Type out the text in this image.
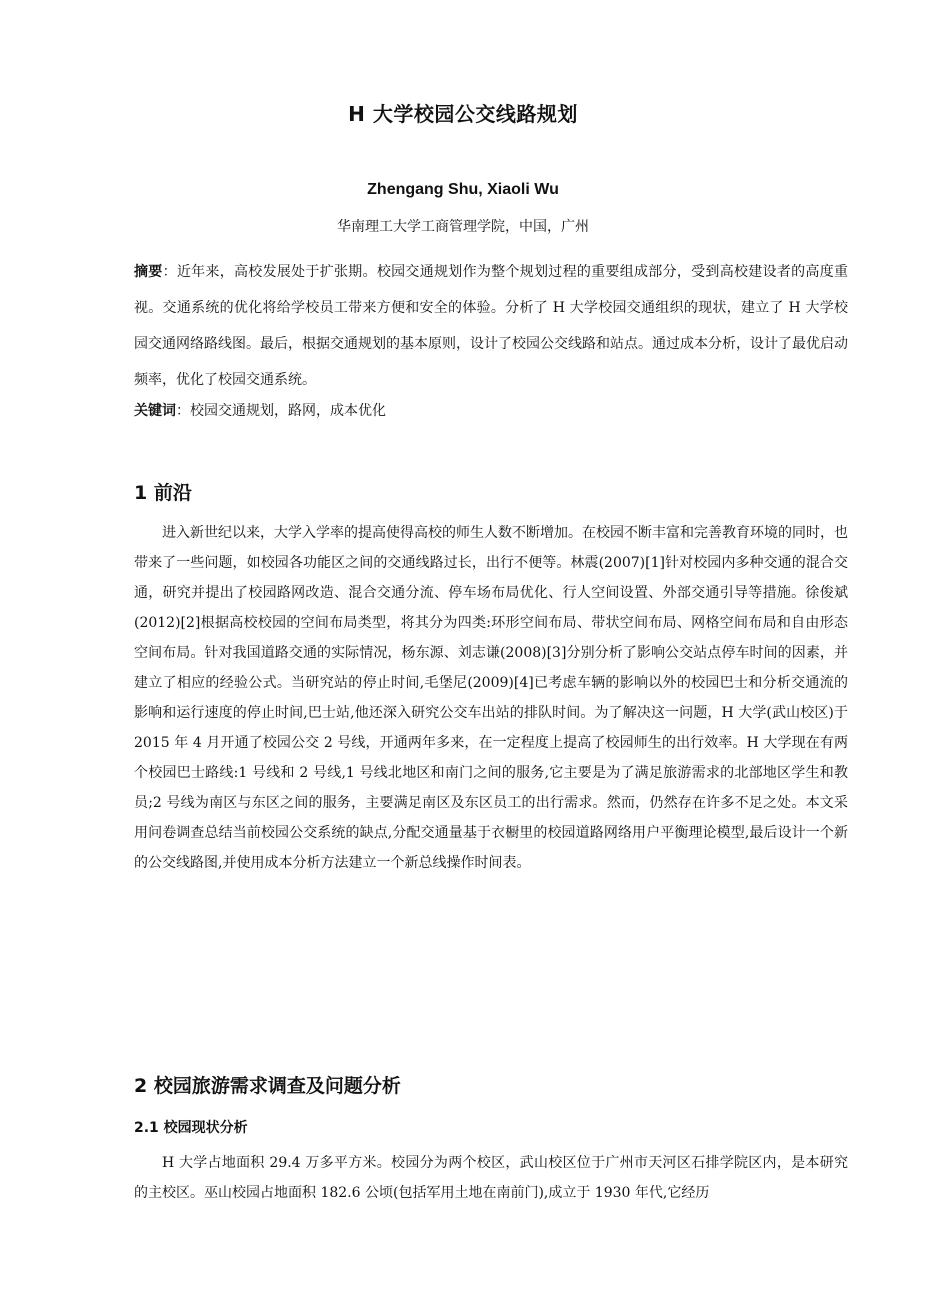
H 大学校园公交线路规划
Zhengang Shu, Xiaoli Wu
华南理工大学工商管理学院，中国，广州

摘要：近年来，高校发展处于扩张期。校园交通规划作为整个规划过程的重要组成部分，受到高校建设者的高度重视。交通系统的优化将给学校员工带来方便和安全的体验。分析了 H 大学校园交通组织的现状，建立了 H 大学校园交通网络路线图。最后，根据交通规划的基本原则，设计了校园公交线路和站点。通过成本分析，设计了最优启动频率，优化了校园交通系统。

关键词：校园交通规划，路网，成本优化

1 前沿

进入新世纪以来，大学入学率的提高使得高校的师生人数不断增加。在校园不断丰富和完善教育环境的同时，也带来了一些问题，如校园各功能区之间的交通线路过长，出行不便等。林震(2007)[1]针对校园内多种交通的混合交通，研究并提出了校园路网改造、混合交通分流、停车场布局优化、行人空间设置、外部交通引导等措施。徐俊斌(2012)[2]根据高校校园的空间布局类型，将其分为四类:环形空间布局、带状空间布局、网格空间布局和自由形态空间布局。针对我国道路交通的实际情况，杨东源、刘志谦(2008)[3]分别分析了影响公交站点停车时间的因素，并建立了相应的经验公式。当研究站的停止时间,毛堡尼(2009)[4]已考虑车辆的影响以外的校园巴士和分析交通流的影响和运行速度的停止时间,巴士站,他还深入研究公交车出站的排队时间。为了解决这一问题，H 大学(武山校区)于 2015 年 4 月开通了校园公交 2 号线，开通两年多来，在一定程度上提高了校园师生的出行效率。H 大学现在有两个校园巴士路线:1 号线和 2 号线,1 号线北地区和南门之间的服务,它主要是为了满足旅游需求的北部地区学生和教员;2 号线为南区与东区之间的服务，主要满足南区及东区员工的出行需求。然而，仍然存在许多不足之处。本文采用问卷调查总结当前校园公交系统的缺点,分配交通量基于衣橱里的校园道路网络用户平衡理论模型,最后设计一个新的公交线路图,并使用成本分析方法建立一个新总线操作时间表。

2 校园旅游需求调查及问题分析
2.1 校园现状分析

H 大学占地面积 29.4 万多平方米。校园分为两个校区，武山校区位于广州市天河区石排学院区内，是本研究的主校区。巫山校园占地面积 182.6 公顷(包括军用土地在南前门),成立于 1930 年代,它经历
